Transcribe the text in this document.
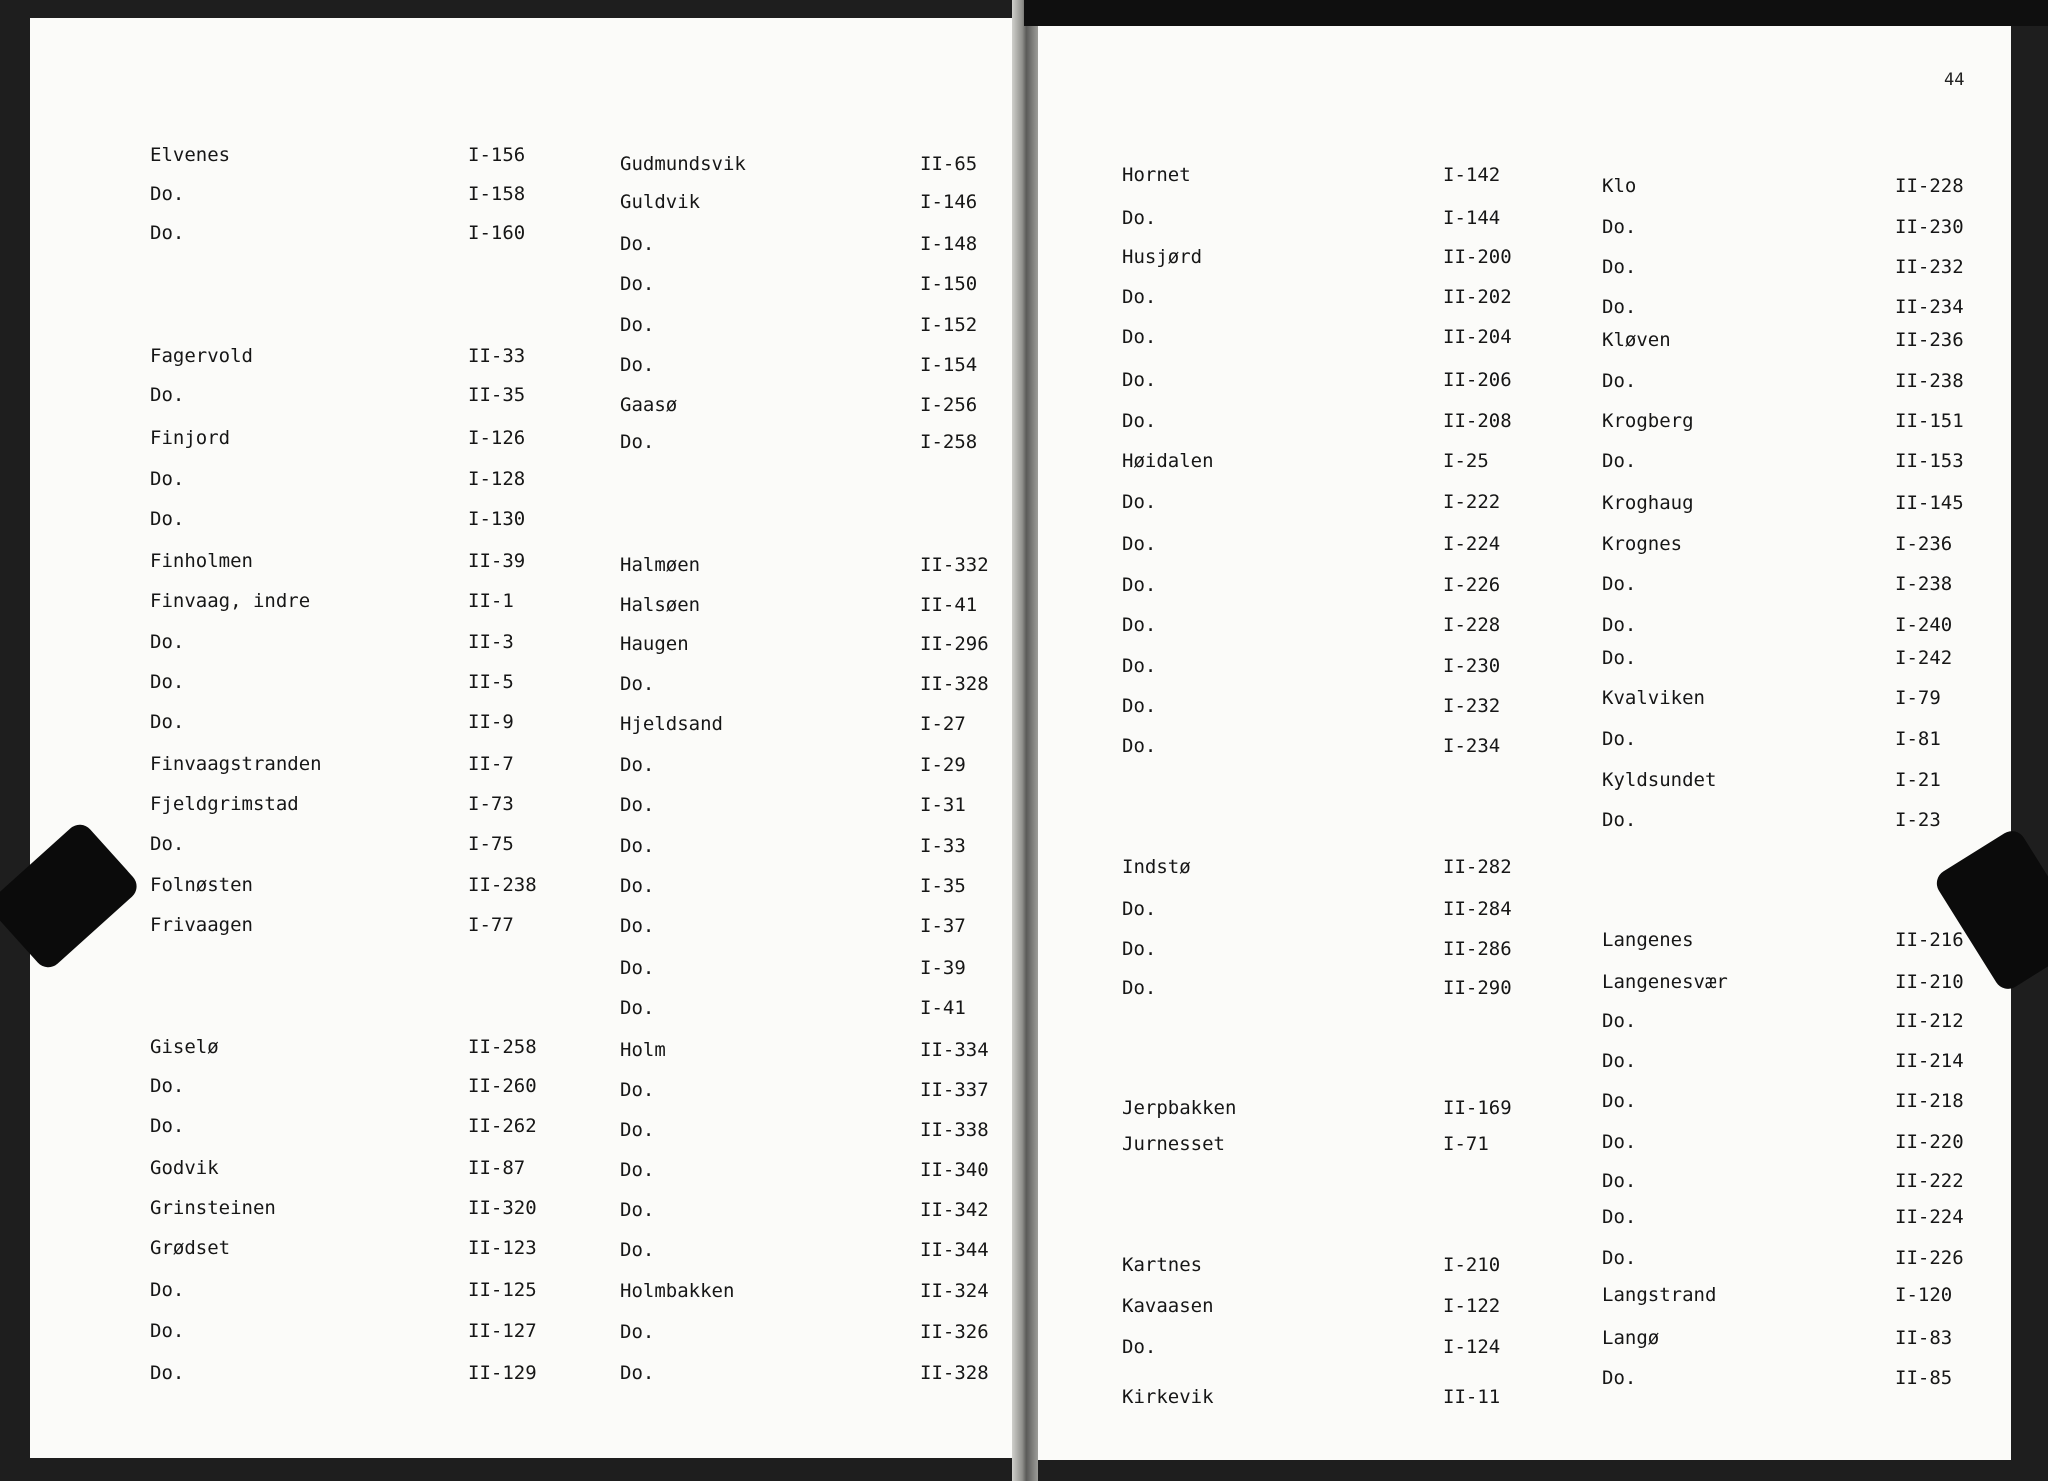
44
Elvenes	I-156
Do.	I-158
Do.	I-160
Fagervold	II-33
Do.	II-35
Finjord	I-126
Do.	I-128
Do.	I-130
Finholmen	II-39
Finvaag, indre	II-1
Do.	II-3
Do.	II-5
Do.	II-9
Finvaagstranden	II-7
Fjeldgrimstad	I-73
Do.	I-75
Folnøsten	II-238
Frivaagen	I-77
Giselø	II-258
Do.	II-260
Do.	II-262
Godvik	II-87
Grinsteinen	II-320
Grødset	II-123
Do.	II-125
Do.	II-127
Do.	II-129
Gudmundsvik	II-65
Guldvik	I-146
Do.	I-148
Do.	I-150
Do.	I-152
Do.	I-154
Gaasø	I-256
Do.	I-258
Halmøen	II-332
Halsøen	II-41
Haugen	II-296
Do.	II-328
Hjeldsand	I-27
Do.	I-29
Do.	I-31
Do.	I-33
Do.	I-35
Do.	I-37
Do.	I-39
Do.	I-41
Holm	II-334
Do.	II-337
Do.	II-338
Do.	II-340
Do.	II-342
Do.	II-344
Holmbakken	II-324
Do.	II-326
Do.	II-328
Hornet	I-142
Do.	I-144
Husjørd	II-200
Do.	II-202
Do.	II-204
Do.	II-206
Do.	II-208
Høidalen	I-25
Do.	I-222
Do.	I-224
Do.	I-226
Do.	I-228
Do.	I-230
Do.	I-232
Do.	I-234
Indstø	II-282
Do.	II-284
Do.	II-286
Do.	II-290
Jerpbakken	II-169
Jurnesset	I-71
Kartnes	I-210
Kavaasen	I-122
Do.	I-124
Kirkevik	II-11
Klo	II-228
Do.	II-230
Do.	II-232
Do.	II-234
Kløven	II-236
Do.	II-238
Krogberg	II-151
Do.	II-153
Kroghaug	II-145
Krognes	I-236
Do.	I-238
Do.	I-240
Do.	I-242
Kvalviken	I-79
Do.	I-81
Kyldsundet	I-21
Do.	I-23
Langenes	II-216
Langenesvær	II-210
Do.	II-212
Do.	II-214
Do.	II-218
Do.	II-220
Do.	II-222
Do.	II-224
Do.	II-226
Langstrand	I-120
Langø	II-83
Do.	II-85
